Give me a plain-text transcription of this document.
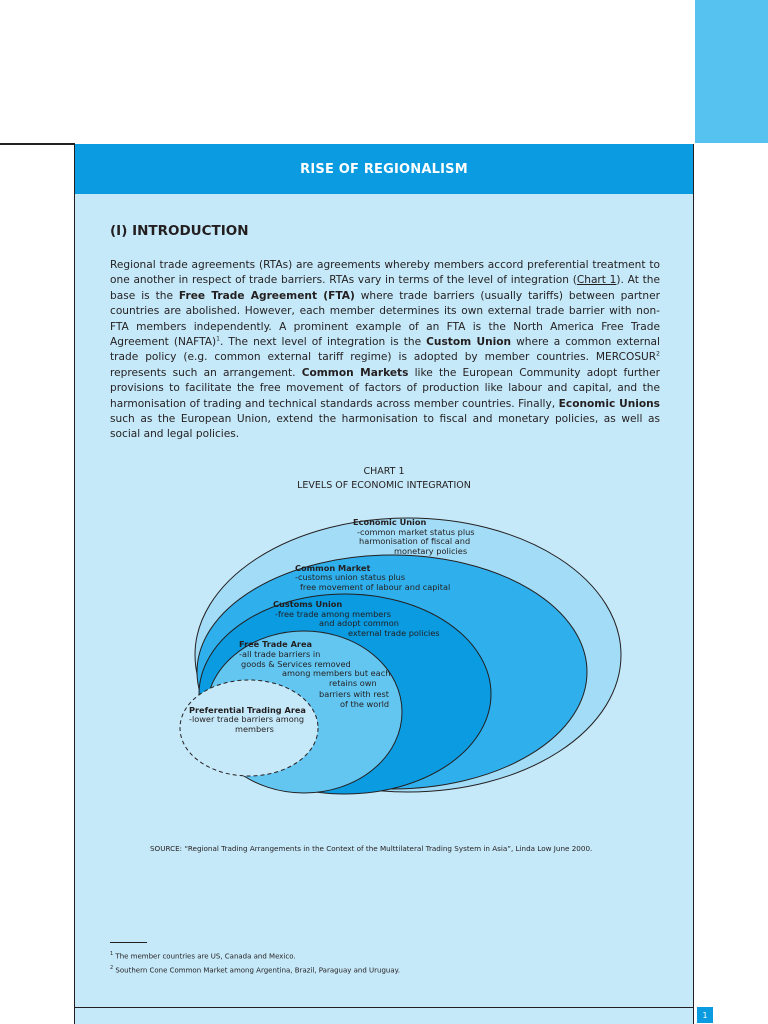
RISE OF REGIONALISM
(I) INTRODUCTION

Regional trade agreements (RTAs) are agreements whereby members accord preferential treatment to one another in respect of trade barriers. RTAs vary in terms of the level of integration (Chart 1). At the base is the Free Trade Agreement (FTA) where trade barriers (usually tariffs) between partner countries are abolished. However, each member determines its own external trade barrier with non-FTA members independently. A prominent example of an FTA is the North America Free Trade Agreement (NAFTA)$^1$. The next level of integration is the Custom Union where a common external trade policy (e.g. common external tariff regime) is adopted by member countries. MERCOSUR$^2$ represents such an arrangement. Common Markets like the European Community adopt further provisions to facilitate the free movement of factors of production like labour and capital, and the harmonisation of trading and technical standards across member countries. Finally, Economic Unions such as the European Union, extend the harmonisation to fiscal and monetary policies, as well as social and legal policies.

CHART 1
LEVELS OF ECONOMIC INTEGRATION
Economic Union
-common market status plus harmonisation of fiscal and monetary policies
Common Market
-customs union status plus free movement of labour and capital
Customs Union
-free trade among members and adopt common external trade policies
Free Trade Area
-all trade barriers in goods & Services removed among members but each retains own barriers with rest of the world
Preferential Trading Area
-lower trade barriers among members
SOURCE: “Regional Trading Arrangements in the Context of the Multtilateral Trading System in Asia”, Linda Low June 2000.
$^1$ The member countries are US, Canada and Mexico.
$^2$ Southern Cone Common Market among Argentina, Brazil, Paraguay and Uruguay.
1
